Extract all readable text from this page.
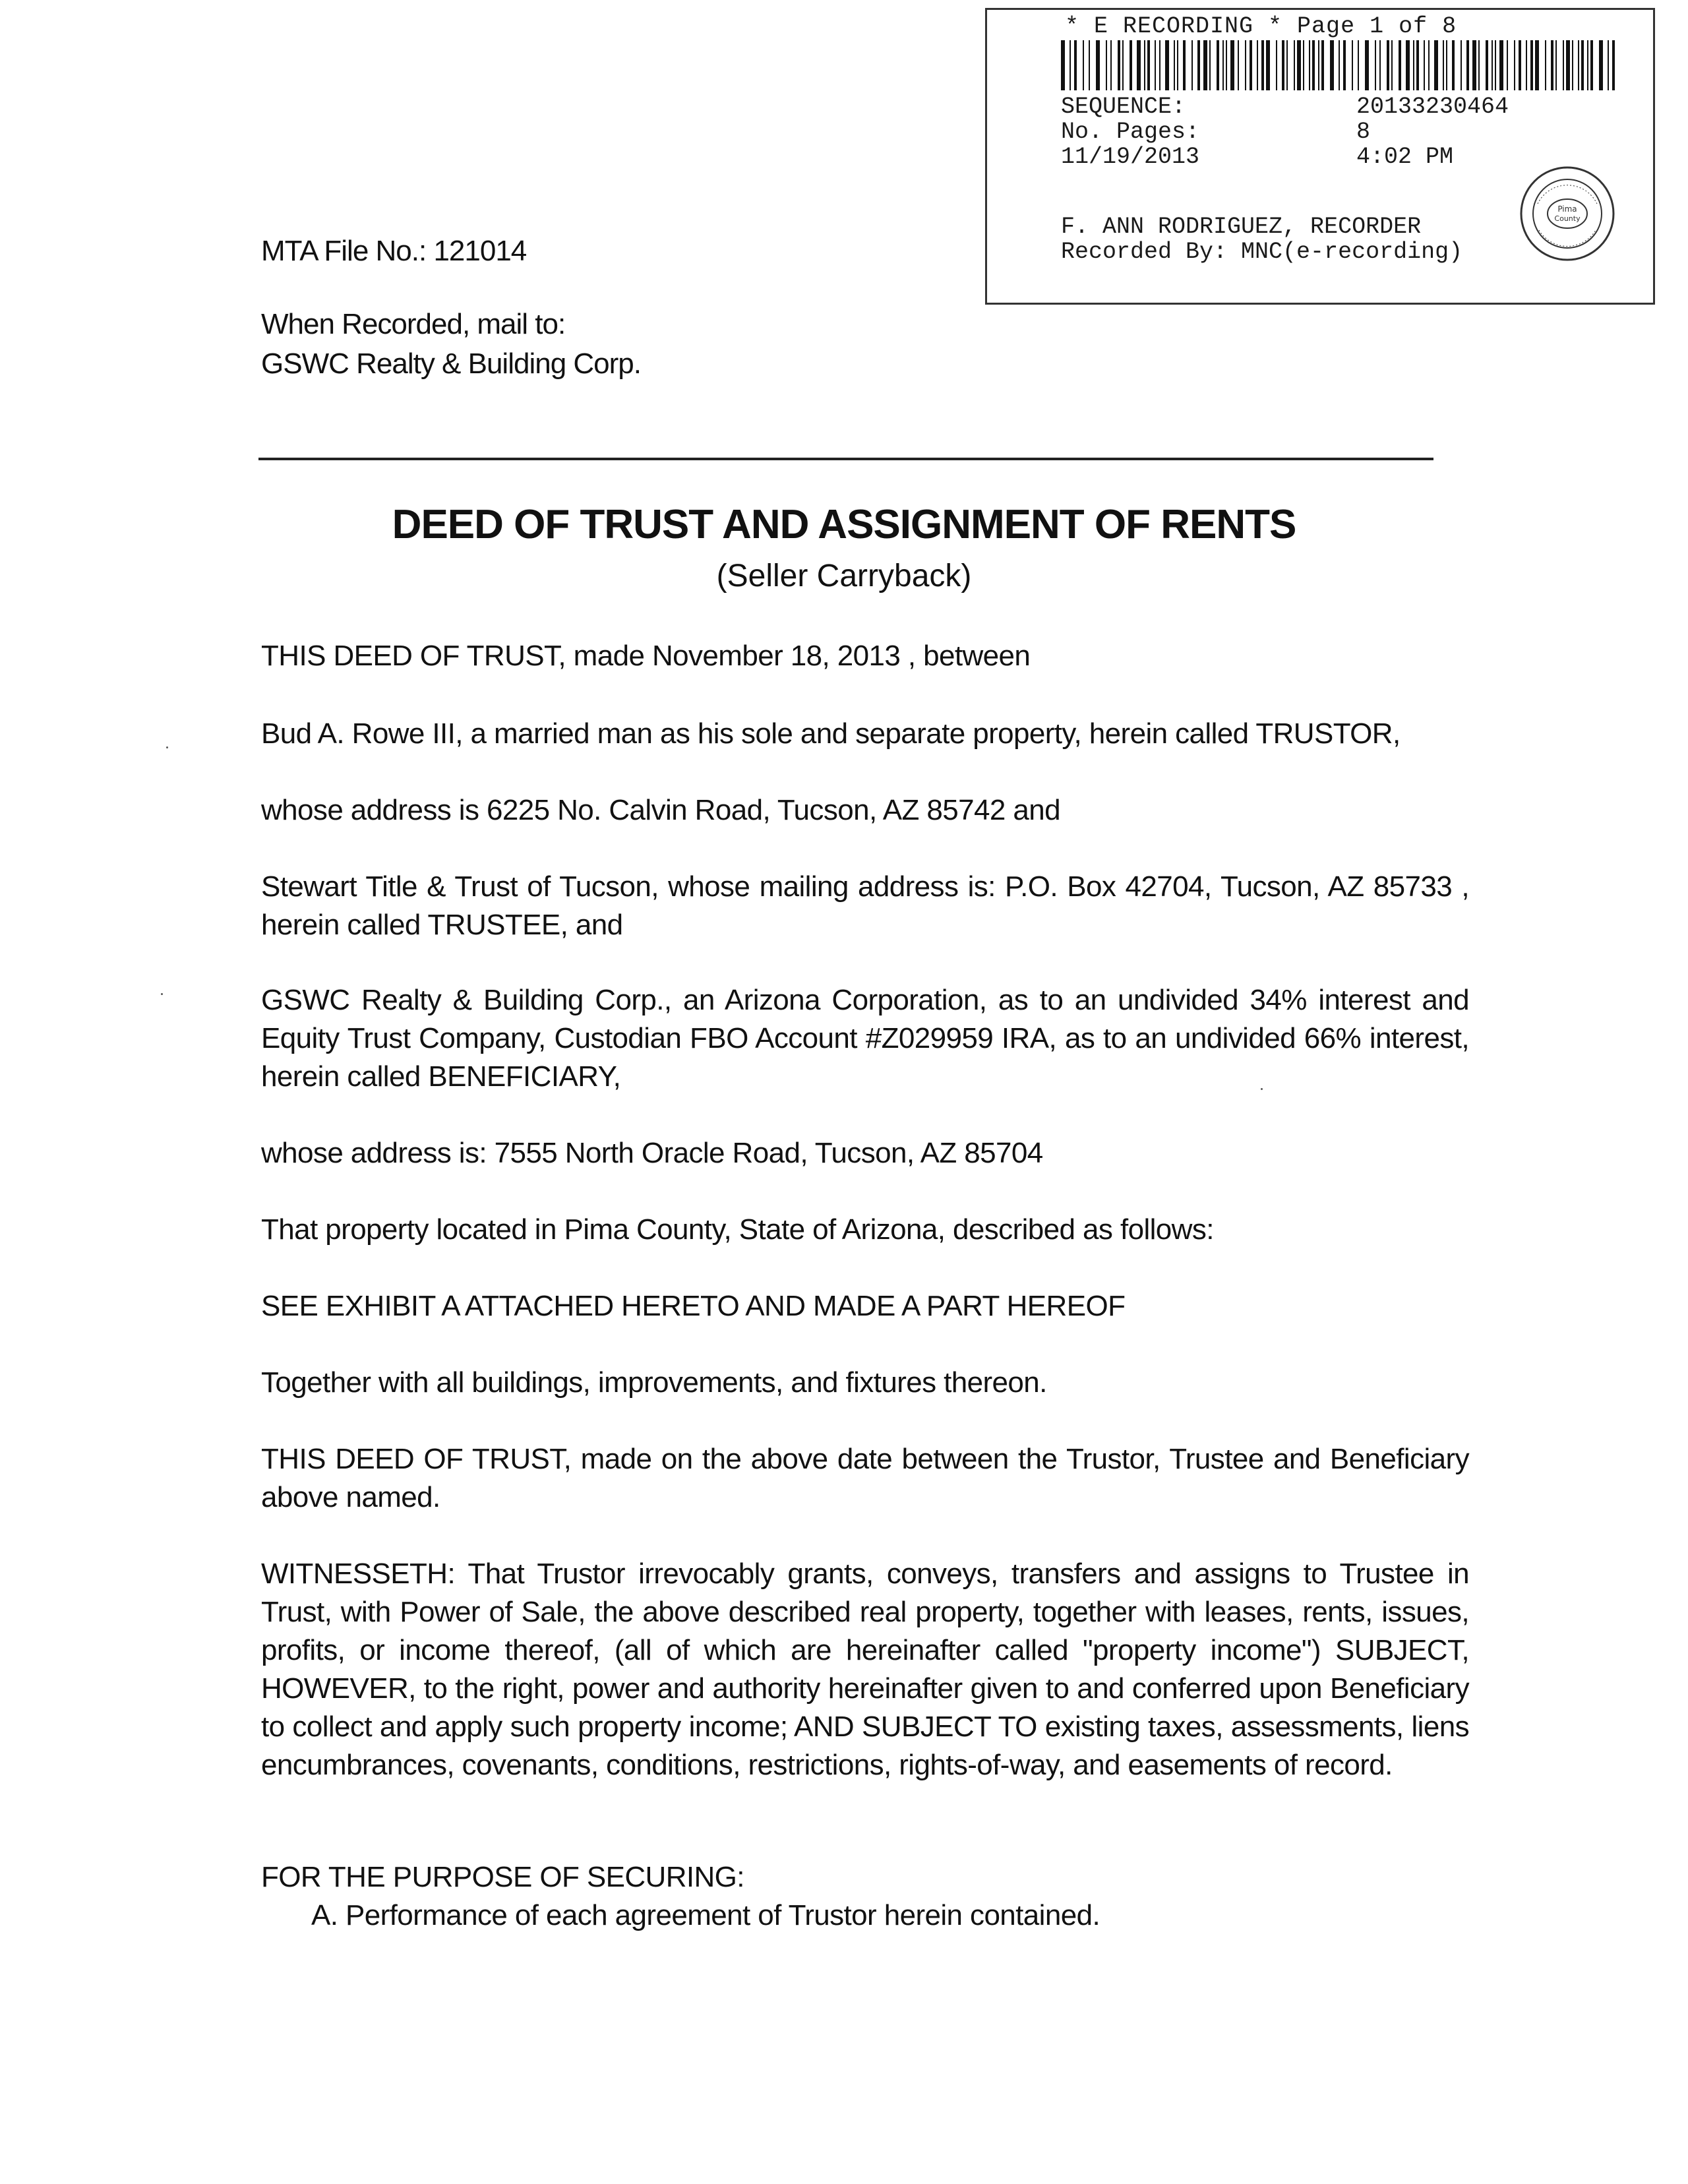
* E RECORDING * Page 1 of 8
SEQUENCE:	20133230464
No. Pages:	8
11/19/2013	4:02 PM
F. ANN RODRIGUEZ, RECORDER
Recorded By: MNC(e-recording)
Pima
County
MTA File No.: 121014
When Recorded, mail to:
GSWC Realty & Building Corp.
DEED OF TRUST AND ASSIGNMENT OF RENTS
(Seller Carryback)
THIS DEED OF TRUST, made November 18, 2013 , between
Bud A. Rowe III, a married man as his sole and separate property, herein called TRUSTOR,
whose address is 6225 No. Calvin Road, Tucson, AZ 85742 and
Stewart Title & Trust of Tucson, whose mailing address is: P.O. Box 42704, Tucson, AZ 85733 , herein called TRUSTEE, and
GSWC Realty & Building Corp., an Arizona Corporation, as to an undivided 34% interest and Equity Trust Company, Custodian FBO Account #Z029959 IRA, as to an undivided 66% interest, herein called BENEFICIARY,
whose address is: 7555 North Oracle Road, Tucson, AZ 85704
That property located in Pima County, State of Arizona, described as follows:
SEE EXHIBIT A ATTACHED HERETO AND MADE A PART HEREOF
Together with all buildings, improvements, and fixtures thereon.
THIS DEED OF TRUST, made on the above date between the Trustor, Trustee and Beneficiary above named.
WITNESSETH: That Trustor irrevocably grants, conveys, transfers and assigns to Trustee in Trust, with Power of Sale, the above described real property, together with leases, rents, issues, profits, or income thereof, (all of which are hereinafter called "property income") SUBJECT, HOWEVER, to the right, power and authority hereinafter given to and conferred upon Beneficiary to collect and apply such property income; AND SUBJECT TO existing taxes, assessments, liens encumbrances, covenants, conditions, restrictions, rights-of-way, and easements of record.
FOR THE PURPOSE OF SECURING:
A. Performance of each agreement of Trustor herein contained.
